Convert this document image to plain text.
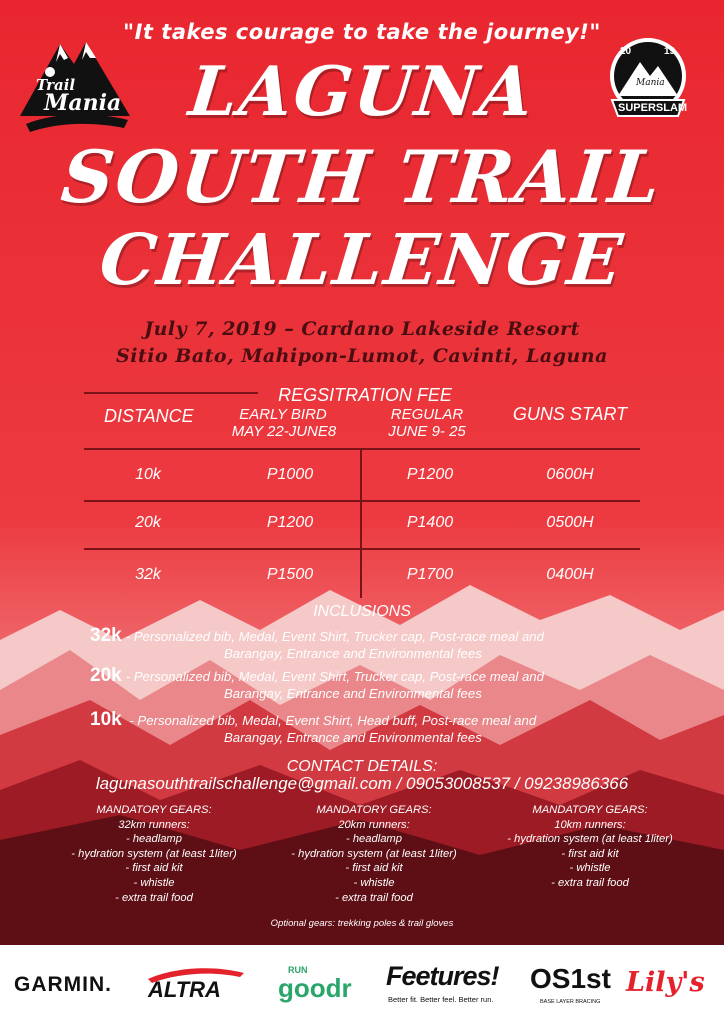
Trail
Mania
20	19
Mania
SUPERSLAM
"It takes courage to take the journey!"
LAGUNA
SOUTH TRAIL
CHALLENGE
July 7, 2019 – Cardano Lakeside Resort
Sitio Bato, Mahipon-Lumot, Cavinti, Laguna
DISTANCE
REGSITRATION FEE
EARLY BIRD
MAY 22-JUNE8
REGULAR
JUNE 9- 25
GUNS START
10k	P1000	P1200	0600H
20k	P1200	P1400	0500H
32k	P1500	P1700	0400H
INCLUSIONS
32k - Personalized bib, Medal, Event Shirt, Trucker cap, Post-race meal and
Barangay, Entrance and Environmental fees
20k - Personalized bib, Medal, Event Shirt, Trucker cap, Post-race meal and
Barangay, Entrance and Environmental fees
10k - Personalized bib, Medal, Event Shirt, Head buff, Post-race meal and
Barangay, Entrance and Environmental fees
CONTACT DETAILS:
lagunasouthtrailschallenge@gmail.com / 09053008537 / 09238986366
MANDATORY GEARS:
32km runners:
- headlamp
- hydration system (at least 1liter)
- first aid kit
- whistle
- extra trail food
MANDATORY GEARS:
20km runners:
- headlamp
- hydration system (at least 1liter)
- first aid kit
- whistle
- extra trail food
MANDATORY GEARS:
10km runners:
- hydration system (at least 1liter)
- first aid kit
- whistle
- extra trail food
Optional gears: trekking poles & trail gloves
GARMIN. ALTRA
RUN
goodr Feetures!
Better fit. Better feel. Better run.
OS1st
BASE LAYER BRACING
Lily's
